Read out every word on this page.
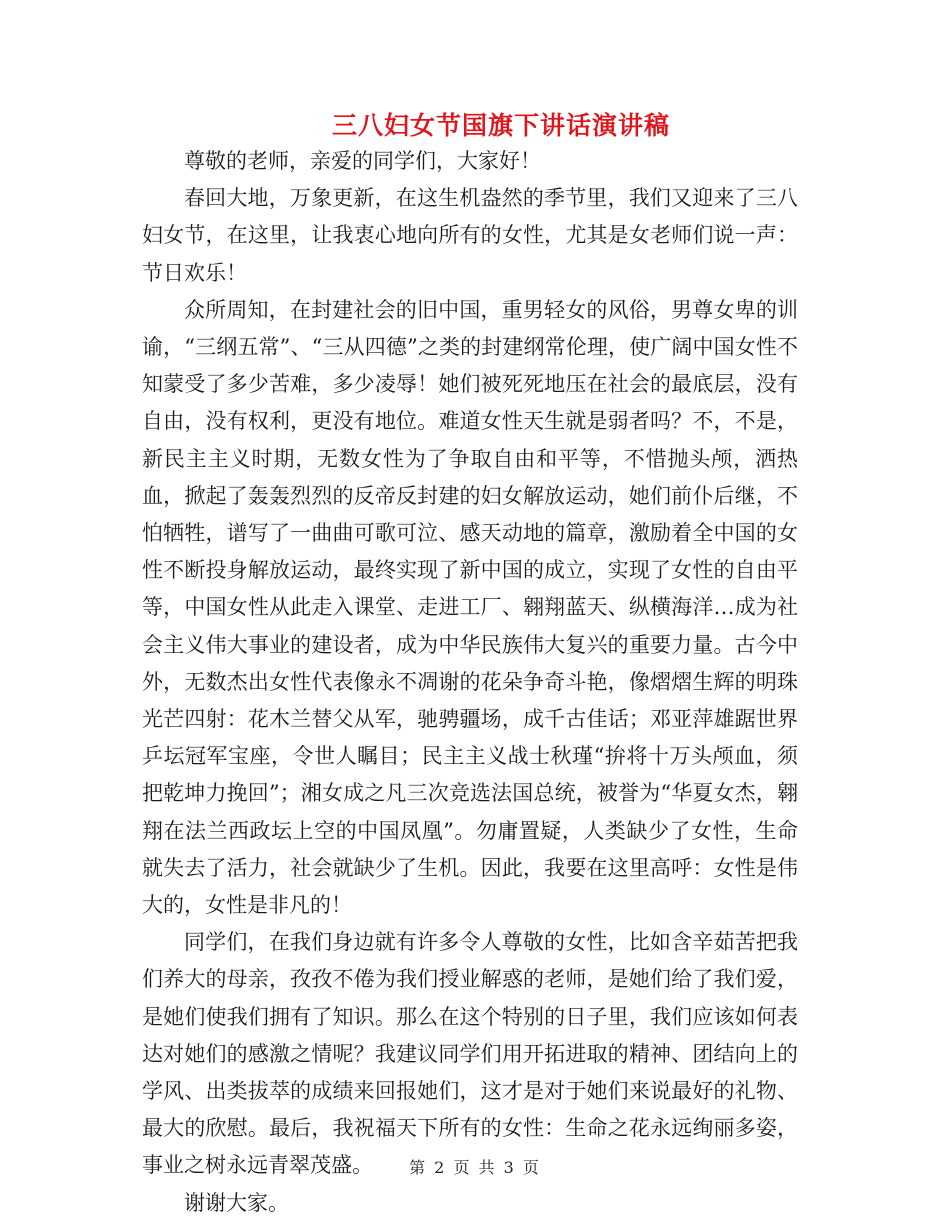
三八妇女节国旗下讲话演讲稿

尊敬的老师，亲爱的同学们，大家好！

春回大地，万象更新，在这生机盎然的季节里，我们又迎来了三八妇女节，在这里，让我衷心地向所有的女性，尤其是女老师们说一声：节日欢乐！

众所周知，在封建社会的旧中国，重男轻女的风俗，男尊女卑的训谕，“三纲五常”、“三从四德”之类的封建纲常伦理，使广阔中国女性不知蒙受了多少苦难，多少凌辱！她们被死死地压在社会的最底层，没有自由，没有权利，更没有地位。难道女性天生就是弱者吗？不，不是，新民主主义时期，无数女性为了争取自由和平等，不惜抛头颅，洒热血，掀起了轰轰烈烈的反帝反封建的妇女解放运动，她们前仆后继，不怕牺牲，谱写了一曲曲可歌可泣、感天动地的篇章，激励着全中国的女性不断投身解放运动，最终实现了新中国的成立，实现了女性的自由平等，中国女性从此走入课堂、走进工厂、翱翔蓝天、纵横海洋…成为社会主义伟大事业的建设者，成为中华民族伟大复兴的重要力量。古今中外，无数杰出女性代表像永不凋谢的花朵争奇斗艳，像熠熠生辉的明珠光芒四射：花木兰替父从军，驰骋疆场，成千古佳话；邓亚萍雄踞世界乒坛冠军宝座，令世人瞩目；民主主义战士秋瑾“拚将十万头颅血，须把乾坤力挽回”；湘女成之凡三次竞选法国总统，被誉为“华夏女杰，翱翔在法兰西政坛上空的中国凤凰”。勿庸置疑，人类缺少了女性，生命就失去了活力，社会就缺少了生机。因此，我要在这里高呼：女性是伟大的，女性是非凡的！

同学们，在我们身边就有许多令人尊敬的女性，比如含辛茹苦把我们养大的母亲，孜孜不倦为我们授业解惑的老师，是她们给了我们爱，是她们使我们拥有了知识。那么在这个特别的日子里，我们应该如何表达对她们的感激之情呢？我建议同学们用开拓进取的精神、团结向上的学风、出类拔萃的成绩来回报她们，这才是对于她们来说最好的礼物、最大的欣慰。最后，我祝福天下所有的女性：生命之花永远绚丽多姿，事业之树永远青翠茂盛。

谢谢大家。

第 2 页 共 3 页
